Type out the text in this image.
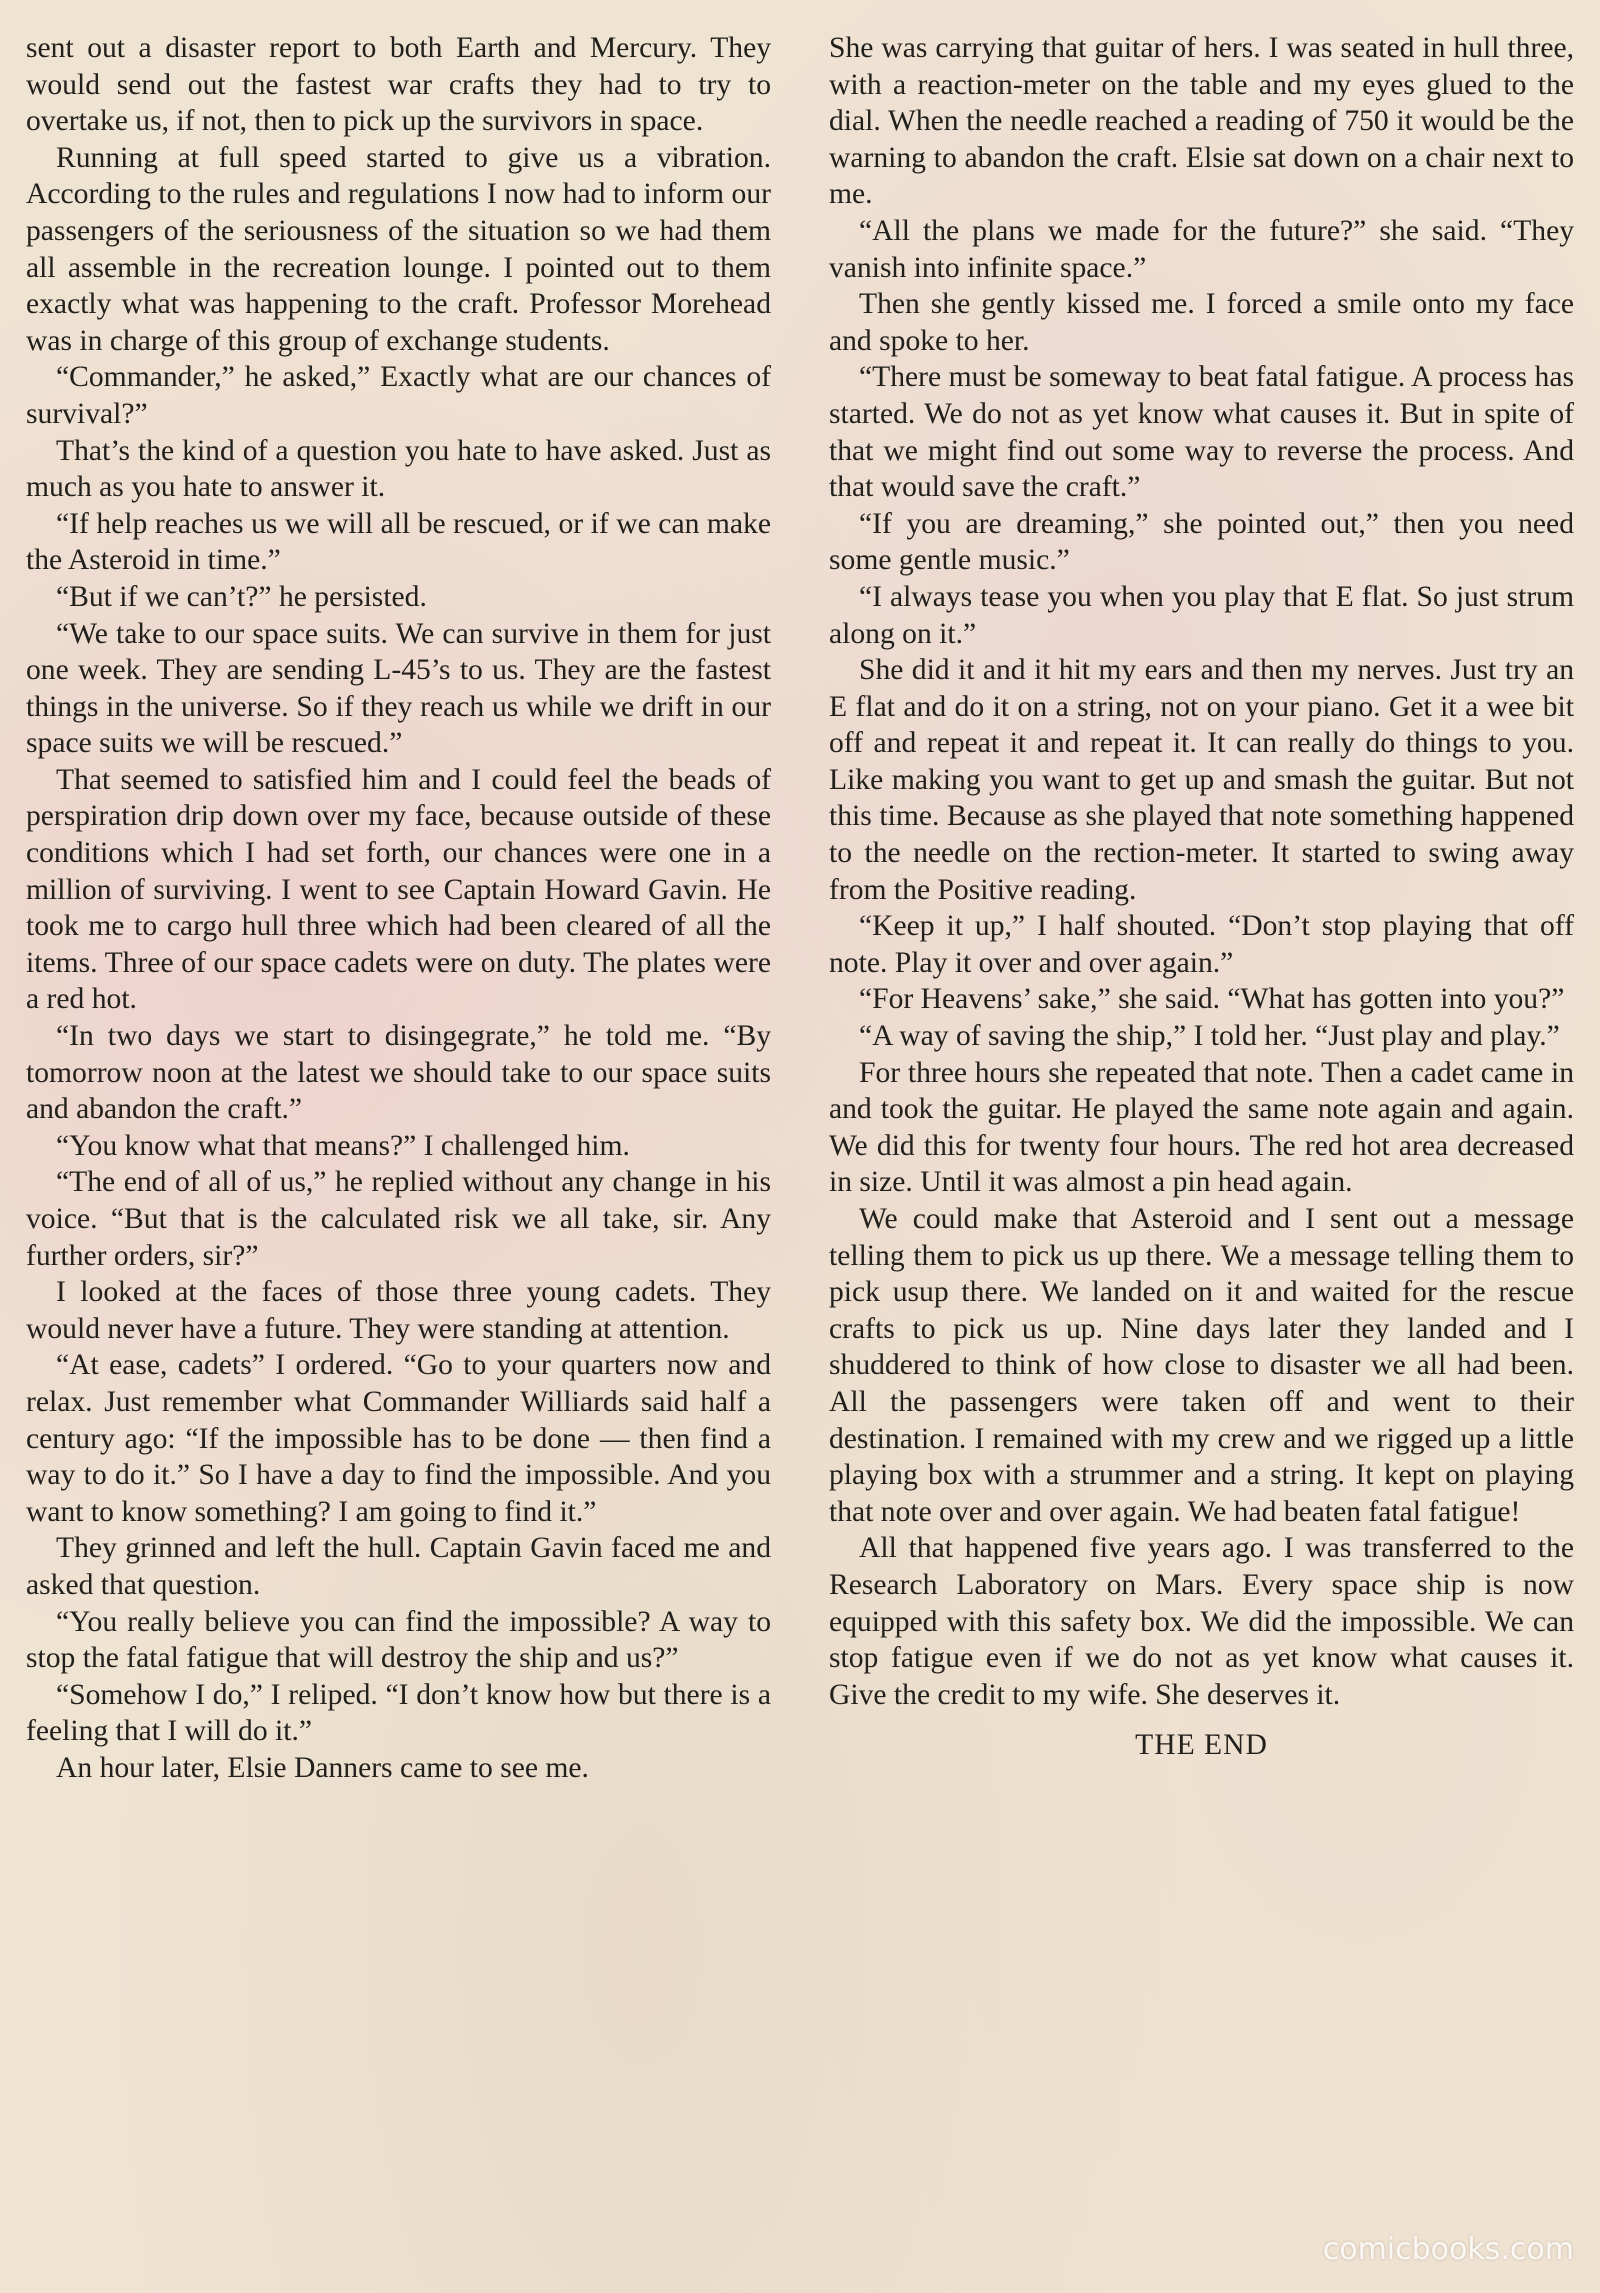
sent out a disaster report to both Earth and Mercury. They would send out the fastest war crafts they had to try to overtake us, if not, then to pick up the survivors in space.

Running at full speed started to give us a vibration. According to the rules and regulations I now had to inform our passengers of the seriousness of the situation so we had them all assemble in the recreation lounge. I pointed out to them exactly what was happening to the craft. Professor Morehead was in charge of this group of exchange students.

“Commander,” he asked,” Exactly what are our chances of survival?”

That’s the kind of a question you hate to have asked. Just as much as you hate to answer it.

“If help reaches us we will all be rescued, or if we can make the Asteroid in time.”

“But if we can’t?” he persisted.

“We take to our space suits. We can survive in them for just one week. They are sending L-45’s to us. They are the fastest things in the universe. So if they reach us while we drift in our space suits we will be rescued.”

That seemed to satisfied him and I could feel the beads of perspiration drip down over my face, because outside of these conditions which I had set forth, our chances were one in a million of surviving. I went to see Captain Howard Gavin. He took me to cargo hull three which had been cleared of all the items. Three of our space cadets were on duty. The plates were a red hot.

“In two days we start to disingegrate,” he told me. “By tomorrow noon at the latest we should take to our space suits and abandon the craft.”

“You know what that means?” I challenged him.

“The end of all of us,” he replied without any change in his voice. “But that is the calculated risk we all take, sir. Any further orders, sir?”

I looked at the faces of those three young cadets. They would never have a future. They were standing at attention.

“At ease, cadets” I ordered. “Go to your quarters now and relax. Just remember what Commander Williards said half a century ago: “If the impossible has to be done — then find a way to do it.” So I have a day to find the impossible. And you want to know something? I am going to find it.”

They grinned and left the hull. Captain Gavin faced me and asked that question.

“You really believe you can find the impossible? A way to stop the fatal fatigue that will destroy the ship and us?”

“Somehow I do,” I reliped. “I don’t know how but there is a feeling that I will do it.”

An hour later, Elsie Danners came to see me.

She was carrying that guitar of hers. I was seated in hull three, with a reaction-meter on the table and my eyes glued to the dial. When the needle reached a reading of 750 it would be the warning to abandon the craft. Elsie sat down on a chair next to me.

“All the plans we made for the future?” she said. “They vanish into infinite space.”

Then she gently kissed me. I forced a smile onto my face and spoke to her.

“There must be someway to beat fatal fatigue. A process has started. We do not as yet know what causes it. But in spite of that we might find out some way to reverse the process. And that would save the craft.”

“If you are dreaming,” she pointed out,” then you need some gentle music.”

“I always tease you when you play that E flat. So just strum along on it.”

She did it and it hit my ears and then my nerves. Just try an E flat and do it on a string, not on your piano. Get it a wee bit off and repeat it and repeat it. It can really do things to you. Like making you want to get up and smash the guitar. But not this time. Because as she played that note something happened to the needle on the rection-meter. It started to swing away from the Positive reading.

“Keep it up,” I half shouted. “Don’t stop playing that off note. Play it over and over again.”

“For Heavens’ sake,” she said. “What has gotten into you?”

“A way of saving the ship,” I told her. “Just play and play.”

For three hours she repeated that note. Then a cadet came in and took the guitar. He played the same note again and again. We did this for twenty four hours. The red hot area decreased in size. Until it was almost a pin head again.

We could make that Asteroid and I sent out a message telling them to pick us up there. We a message telling them to pick usup there. We landed on it and waited for the rescue crafts to pick us up. Nine days later they landed and I shuddered to think of how close to disaster we all had been. All the passengers were taken off and went to their destination. I remained with my crew and we rigged up a little playing box with a strummer and a string. It kept on playing that note over and over again. We had beaten fatal fatigue!

All that happened five years ago. I was transferred to the Research Laboratory on Mars. Every space ship is now equipped with this safety box. We did the impossible. We can stop fatigue even if we do not as yet know what causes it. Give the credit to my wife. She deserves it.

THE END
comicbooks.com
